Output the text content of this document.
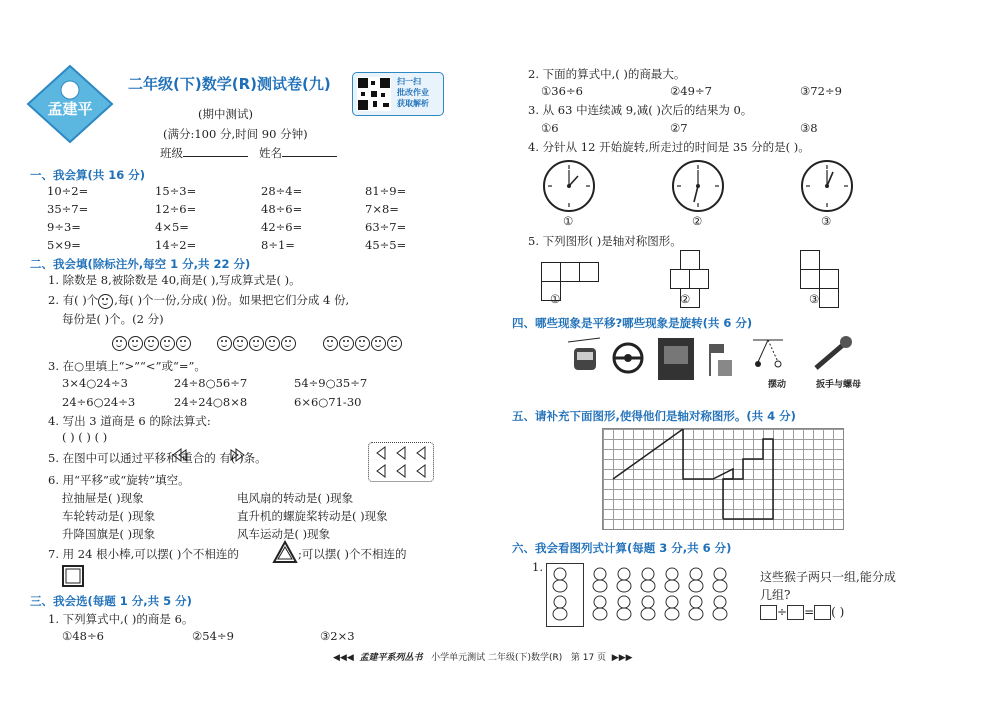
孟建平
二年级(下)数学(R)测试卷(九)
(期中测试)
(满分:100 分,时间 90 分钟)
班级	姓名
扫一扫
批改作业
获取解析
一、我会算(共 16 分)
10÷2=	15÷3=	28÷4=	81÷9=
35÷7=	12÷6=	48÷6=	7×8=
9÷3=	4×5=	42÷6=	63÷7=
5×9=	14÷2=	8÷1=	45÷5=
二、我会填(除标注外,每空 1 分,共 22 分)
1. 除数是 8,被除数是 40,商是( ),写成算式是( )。
2. 有( )个 ,每( )个一份,分成( )份。如果把它们分成 4 份,
每份是( )个。(2 分)

3. 在○里填上“>”“<”或“=”。
3×4○24÷3	24÷8○56÷7	54÷9○35÷7
24÷6○24÷3	24÷24○8×8	6×6○71-30
4. 写出 3 道商是 6 的除法算式:
( ) ( ) ( )
5. 在图中可以通过平移和 重合的 有( )条。
6. 用“平移”或“旋转”填空。
拉抽屉是( )现象	电风扇的转动是( )现象
车轮转动是( )现象	直升机的螺旋桨转动是( )现象
升降国旗是( )现象	风车运动是( )现象
7. 用 24 根小棒,可以摆( )个不相连的	;可以摆( )个不相连的
三、我会选(每题 1 分,共 5 分)
1. 下列算式中,( )的商是 6。
①48÷6	②54÷9	③2×3
2. 下面的算式中,( )的商最大。
①36÷6	②49÷7	③72÷9
3. 从 63 中连续减 9,减( )次后的结果为 0。
①6	②7	③8
4. 分针从 12 开始旋转,所走过的时间是 35 分的是( )。
①	②	③
5. 下列图形( )是轴对称图形。
①	②	③
四、哪些现象是平移?哪些现象是旋转(共 6 分)
摆动	扳手与螺母
五、请补充下面图形,使得他们是轴对称图形。(共 4 分)
六、我会看图列式计算(每题 3 分,共 6 分)
1.
这些猴子两只一组,能分成
几组?
÷ = ( )
◀◀◀ 孟建平系列丛书 小学单元测试 二年级(下)数学(R) 第 17 页 ▶▶▶
